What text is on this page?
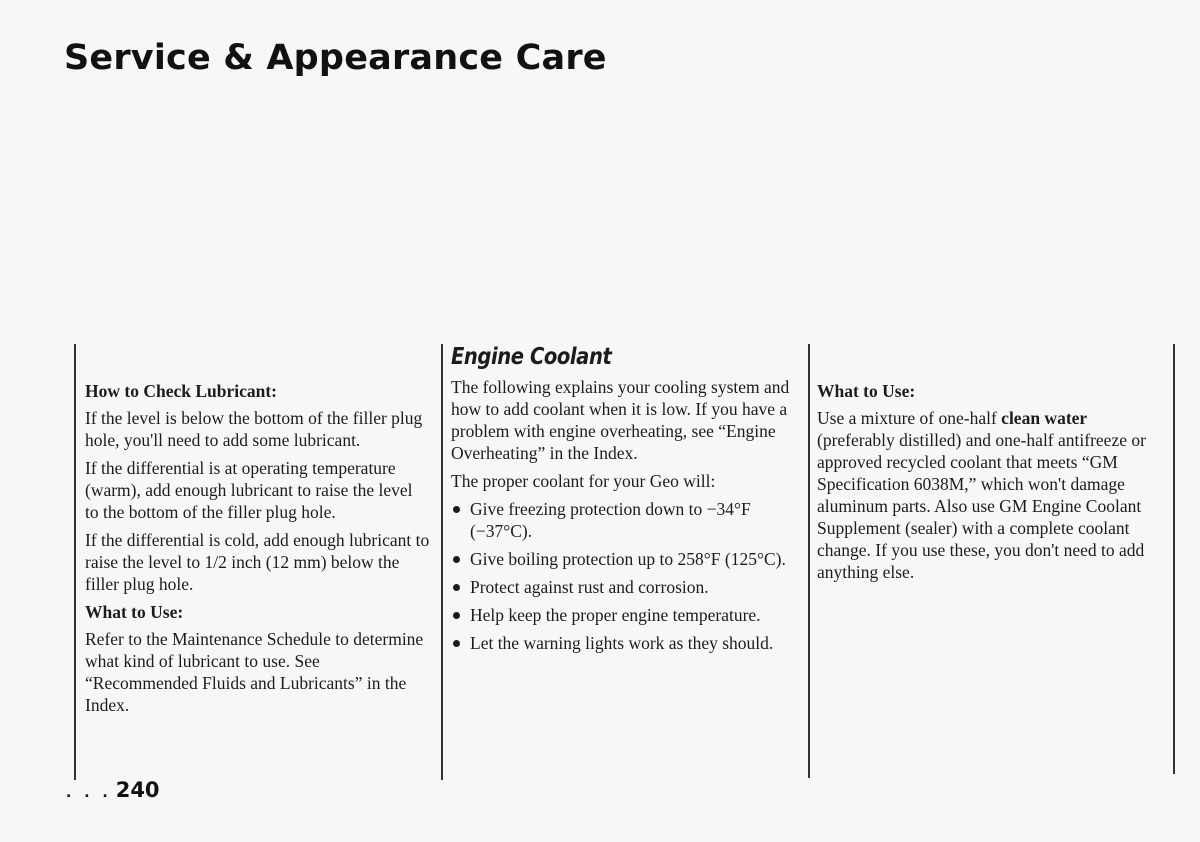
Service & Appearance Care
How to Check Lubricant:

If the level is below the bottom of the filler plug hole, you'll need to add some lubricant.

If the differential is at operating temperature (warm), add enough lubricant to raise the level to the bottom of the filler plug hole.

If the differential is cold, add enough lubricant to raise the level to 1/2 inch (12 mm) below the filler plug hole.

What to Use:

Refer to the Maintenance Schedule to determine what kind of lubricant to use. See “Recommended Fluids and Lubricants” in the Index.

Engine Coolant

The following explains your cooling system and how to add coolant when it is low. If you have a problem with engine overheating, see “Engine Overheating” in the Index.

The proper coolant for your Geo will:

Give freezing protection down to −34°F (−37°C).
Give boiling protection up to 258°F (125°C).
Protect against rust and corrosion.
Help keep the proper engine temperature.
Let the warning lights work as they should.
What to Use:

Use a mixture of one-half clean water (preferably distilled) and one-half antifreeze or approved recycled coolant that meets “GM Specification 6038M,” which won't damage aluminum parts. Also use GM Engine Coolant Supplement (sealer) with a complete coolant change. If you use these, you don't need to add anything else.

. . . 240
